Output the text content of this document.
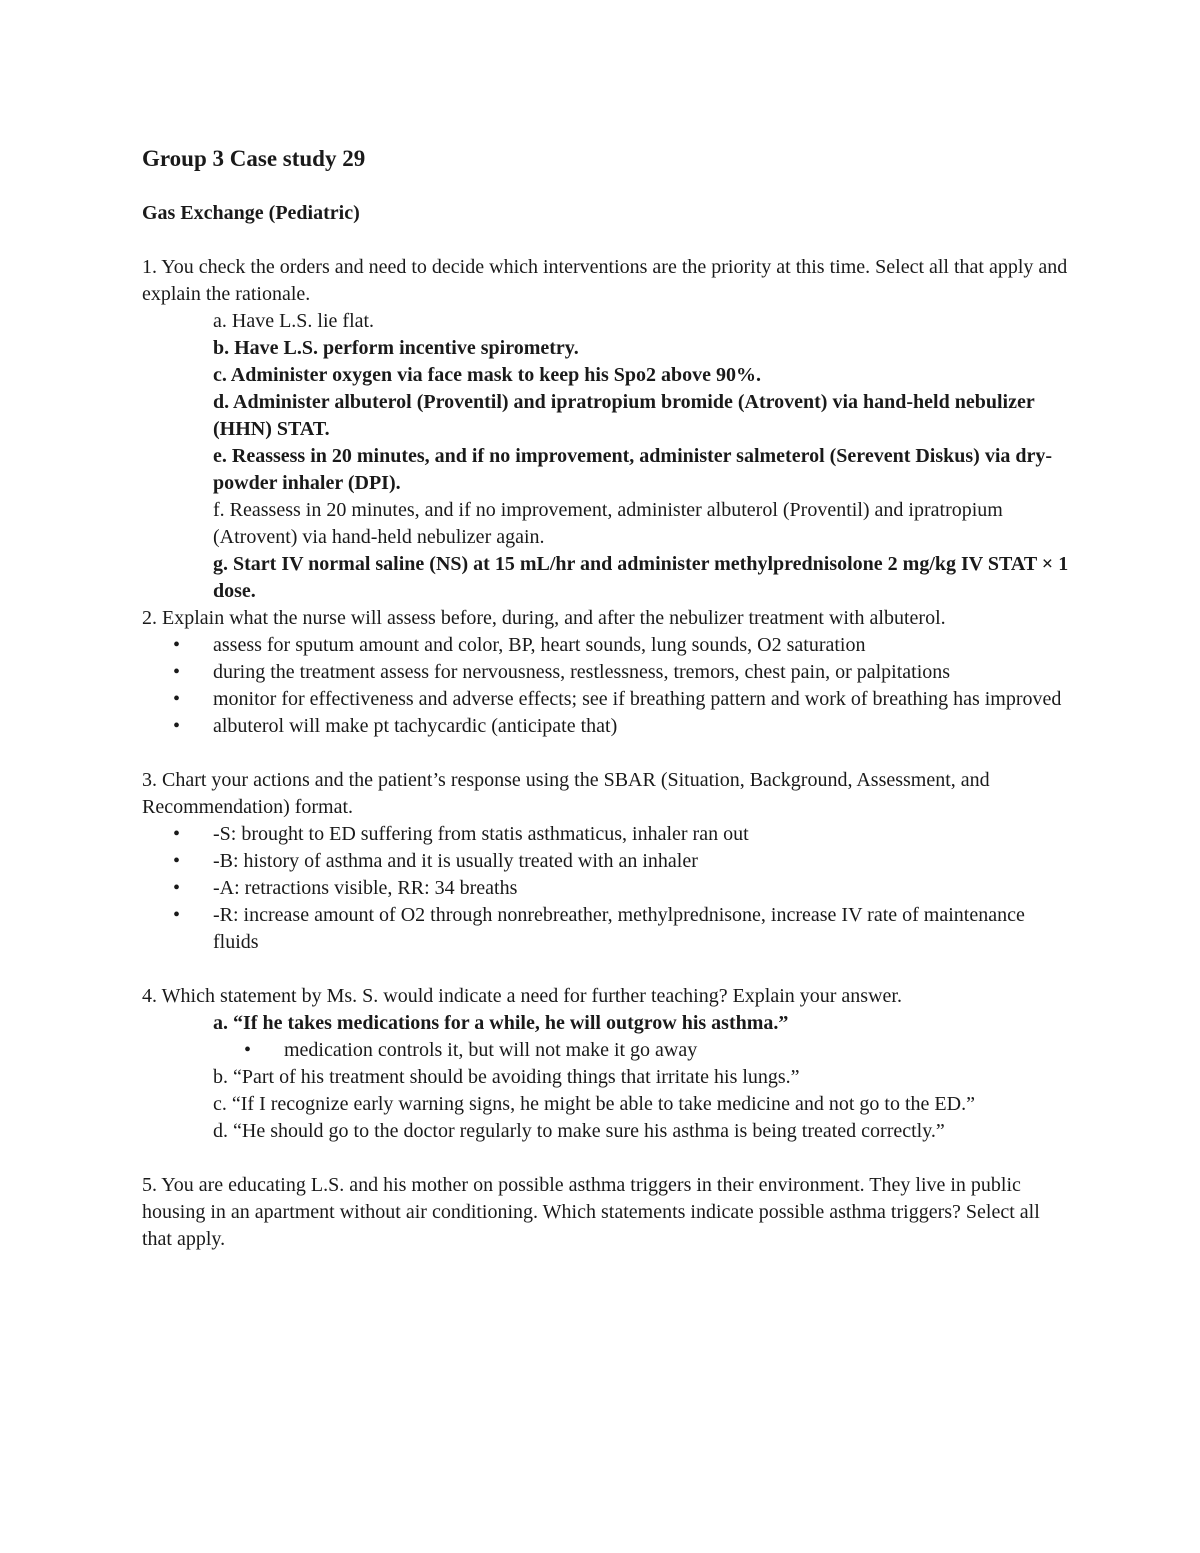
Group 3 Case study 29

Gas Exchange (Pediatric)

1. You check the orders and need to decide which interventions are the priority at this time. Select all that apply and explain the rationale.

a. Have L.S. lie flat.

b. Have L.S. perform incentive spirometry.

c. Administer oxygen via face mask to keep his Spo2 above 90%.

d. Administer albuterol (Proventil) and ipratropium bromide (Atrovent) via hand-held nebulizer (HHN) STAT.

e. Reassess in 20 minutes, and if no improvement, administer salmeterol (Serevent Diskus) via dry-powder inhaler (DPI).

f. Reassess in 20 minutes, and if no improvement, administer albuterol (Proventil) and ipratropium (Atrovent) via hand-held nebulizer again.

g. Start IV normal saline (NS) at 15 mL/hr and administer methylprednisolone 2 mg/kg IV STAT × 1 dose.

2. Explain what the nurse will assess before, during, and after the nebulizer treatment with albuterol.

• assess for sputum amount and color, BP, heart sounds, lung sounds, O2 saturation
• during the treatment assess for nervousness, restlessness, tremors, chest pain, or palpitations
• monitor for effectiveness and adverse effects; see if breathing pattern and work of breathing has improved
• albuterol will make pt tachycardic (anticipate that)

3. Chart your actions and the patient’s response using the SBAR (Situation, Background, Assessment, and Recommendation) format.

• -S: brought to ED suffering from statis asthmaticus, inhaler ran out
• -B: history of asthma and it is usually treated with an inhaler
• -A: retractions visible, RR: 34 breaths
• -R: increase amount of O2 through nonrebreather, methylprednisone, increase IV rate of maintenance fluids

4. Which statement by Ms. S. would indicate a need for further teaching? Explain your answer.

a. “If he takes medications for a while, he will outgrow his asthma.”

• medication controls it, but will not make it go away

b. “Part of his treatment should be avoiding things that irritate his lungs.”

c. “If I recognize early warning signs, he might be able to take medicine and not go to the ED.”

d. “He should go to the doctor regularly to make sure his asthma is being treated correctly.”

5. You are educating L.S. and his mother on possible asthma triggers in their environment. They live in public housing in an apartment without air conditioning. Which statements indicate possible asthma triggers? Select all that apply.
